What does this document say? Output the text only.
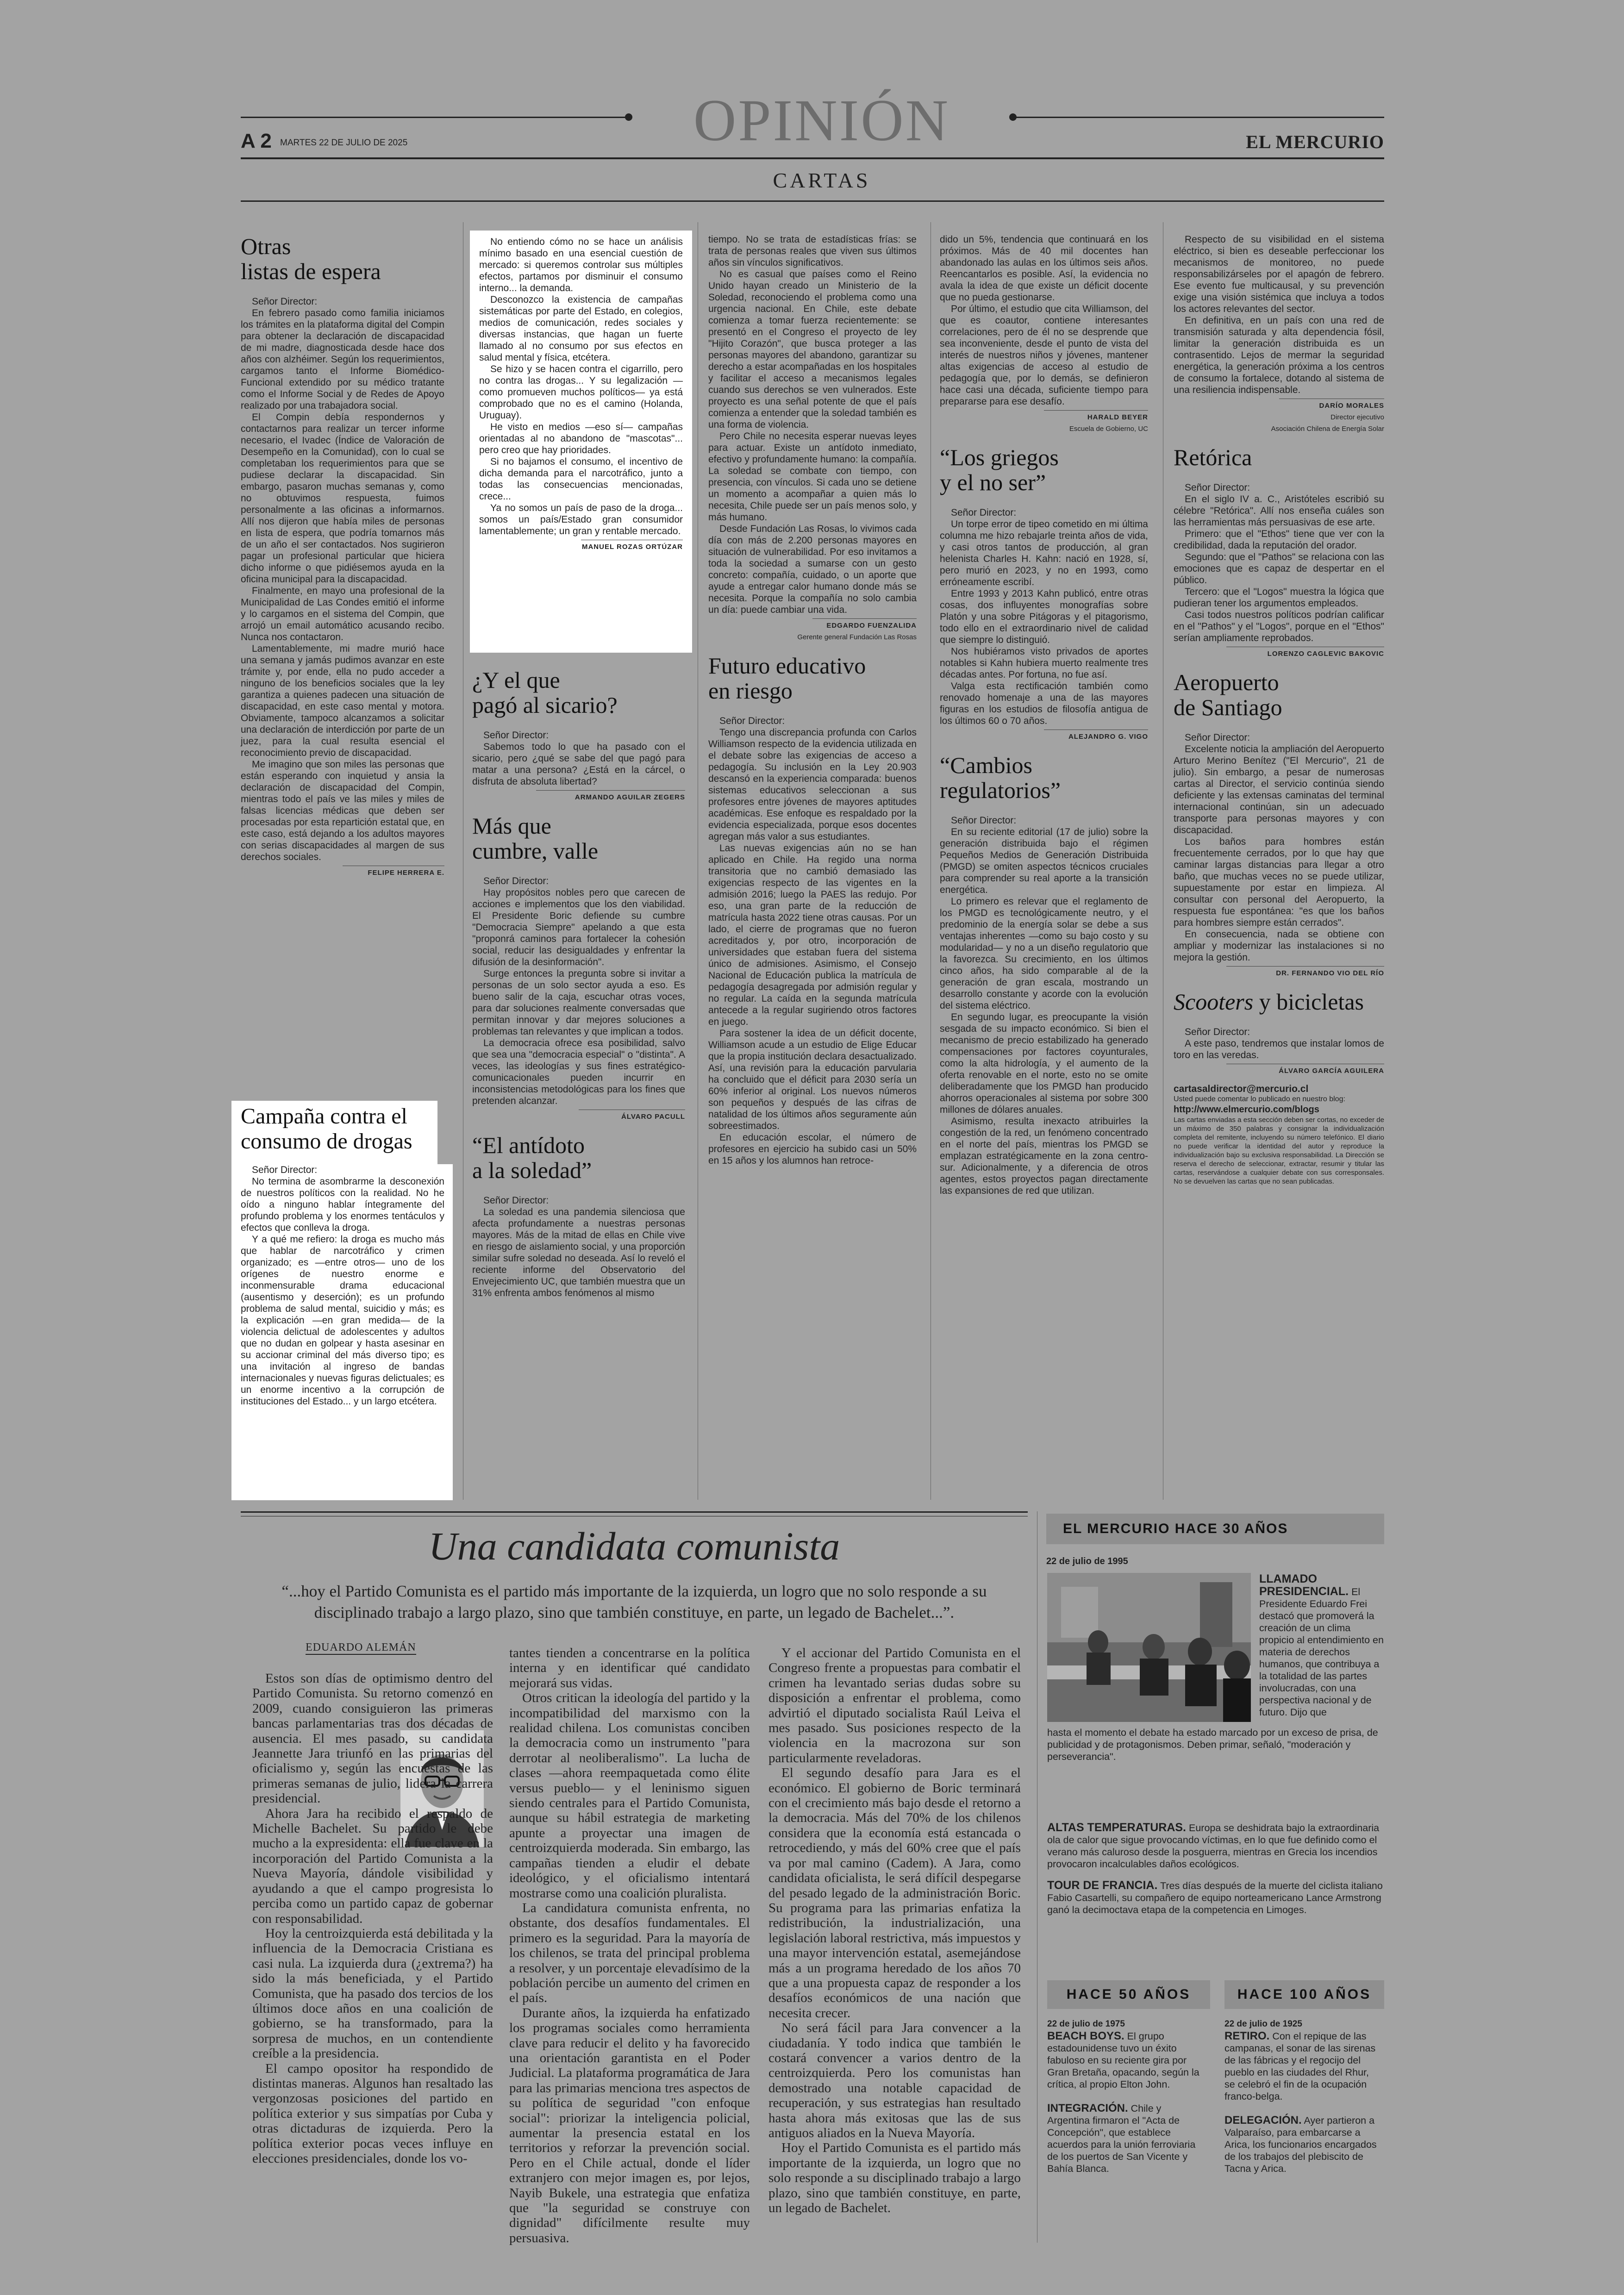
OPINIÓN
A 2 MARTES 22 DE JULIO DE 2025	EL MERCURIO
CARTAS
Otras
listas de espera

Señor Director:

En febrero pasado como familia iniciamos los trámites en la plataforma digital del Compin para obtener la declaración de discapacidad de mi madre, diagnosticada desde hace dos años con alzhéimer. Según los requerimientos, cargamos tanto el Informe Biomédico-Funcional extendido por su médico tratante como el Informe Social y de Redes de Apoyo realizado por una trabajadora social.

El Compin debía respondernos y contactarnos para realizar un tercer informe necesario, el Ivadec (Índice de Valoración de Desempeño en la Comunidad), con lo cual se completaban los requerimientos para que se pudiese declarar la discapacidad. Sin embargo, pasaron muchas semanas y, como no obtuvimos respuesta, fuimos personalmente a las oficinas a informarnos. Allí nos dijeron que había miles de personas en lista de espera, que podría tomarnos más de un año el ser contactados. Nos sugirieron pagar un profesional particular que hiciera dicho informe o que pidiésemos ayuda en la oficina municipal para la discapacidad.

Finalmente, en mayo una profesional de la Municipalidad de Las Condes emitió el informe y lo cargamos en el sistema del Compin, que arrojó un email automático acusando recibo. Nunca nos contactaron.

Lamentablemente, mi madre murió hace una semana y jamás pudimos avanzar en este trámite y, por ende, ella no pudo acceder a ninguno de los beneficios sociales que la ley garantiza a quienes padecen una situación de discapacidad, en este caso mental y motora. Obviamente, tampoco alcanzamos a solicitar una declaración de interdicción por parte de un juez, para la cual resulta esencial el reconocimiento previo de discapacidad.

Me imagino que son miles las personas que están esperando con inquietud y ansia la declaración de discapacidad del Compin, mientras todo el país ve las miles y miles de falsas licencias médicas que deben ser procesadas por esta repartición estatal que, en este caso, está dejando a los adultos mayores con serias discapacidades al margen de sus derechos sociales.

FELIPE HERRERA E.
Campaña contra el
consumo de drogas

Señor Director:

No termina de asombrarme la desconexión de nuestros políticos con la realidad. No he oído a ninguno hablar íntegramente del profundo problema y los enormes tentáculos y efectos que conlleva la droga.

Y a qué me refiero: la droga es mucho más que hablar de narcotráfico y crimen organizado; es —entre otros— uno de los orígenes de nuestro enorme e inconmensurable drama educacional (ausentismo y deserción); es un profundo problema de salud mental, suicidio y más; es la explicación —en gran medida— de la violencia delictual de adolescentes y adultos que no dudan en golpear y hasta asesinar en su accionar criminal del más diverso tipo; es una invitación al ingreso de bandas internacionales y nuevas figuras delictuales; es un enorme incentivo a la corrupción de instituciones del Estado... y un largo etcétera.

No entiendo cómo no se hace un análisis mínimo basado en una esencial cuestión de mercado: si queremos controlar sus múltiples efectos, partamos por disminuir el consumo interno... la demanda.

Desconozco la existencia de campañas sistemáticas por parte del Estado, en colegios, medios de comunicación, redes sociales y diversas instancias, que hagan un fuerte llamado al no consumo por sus efectos en salud mental y física, etcétera.

Se hizo y se hacen contra el cigarrillo, pero no contra las drogas... Y su legalización —como promueven muchos políticos— ya está comprobado que no es el camino (Holanda, Uruguay).

He visto en medios —eso sí— campañas orientadas al no abandono de "mascotas"... pero creo que hay prioridades.

Si no bajamos el consumo, el incentivo de dicha demanda para el narcotráfico, junto a todas las consecuencias mencionadas, crece...

Ya no somos un país de paso de la droga... somos un país/Estado gran consumidor lamentablemente; un gran y rentable mercado.

MANUEL ROZAS ORTÚZAR
¿Y el que
pagó al sicario?

Señor Director:

Sabemos todo lo que ha pasado con el sicario, pero ¿qué se sabe del que pagó para matar a una persona? ¿Está en la cárcel, o disfruta de absoluta libertad?

ARMANDO AGUILAR ZEGERS
Más que
cumbre, valle

Señor Director:

Hay propósitos nobles pero que carecen de acciones e implementos que los den viabilidad. El Presidente Boric defiende su cumbre "Democracia Siempre" apelando a que esta "proponrá caminos para fortalecer la cohesión social, reducir las desigualdades y enfrentar la difusión de la desinformación".

Surge entonces la pregunta sobre si invitar a personas de un solo sector ayuda a eso. Es bueno salir de la caja, escuchar otras voces, para dar soluciones realmente conversadas que permitan innovar y dar mejores soluciones a problemas tan relevantes y que implican a todos.

La democracia ofrece esa posibilidad, salvo que sea una "democracia especial" o "distinta". A veces, las ideologías y sus fines estratégico-comunicacionales pueden incurrir en inconsistencias metodológicas para los fines que pretenden alcanzar.

ÁLVARO PACULL
“El antídoto
a la soledad”

Señor Director:

La soledad es una pandemia silenciosa que afecta profundamente a nuestras personas mayores. Más de la mitad de ellas en Chile vive en riesgo de aislamiento social, y una proporción similar sufre soledad no deseada. Así lo reveló el reciente informe del Observatorio del Envejecimiento UC, que también muestra que un 31% enfrenta ambos fenómenos al mismo

tiempo. No se trata de estadísticas frías: se trata de personas reales que viven sus últimos años sin vínculos significativos.

No es casual que países como el Reino Unido hayan creado un Ministerio de la Soledad, reconociendo el problema como una urgencia nacional. En Chile, este debate comienza a tomar fuerza recientemente: se presentó en el Congreso el proyecto de ley "Hijito Corazón", que busca proteger a las personas mayores del abandono, garantizar su derecho a estar acompañadas en los hospitales y facilitar el acceso a mecanismos legales cuando sus derechos se ven vulnerados. Este proyecto es una señal potente de que el país comienza a entender que la soledad también es una forma de violencia.

Pero Chile no necesita esperar nuevas leyes para actuar. Existe un antídoto inmediato, efectivo y profundamente humano: la compañía. La soledad se combate con tiempo, con presencia, con vínculos. Si cada uno se detiene un momento a acompañar a quien más lo necesita, Chile puede ser un país menos solo, y más humano.

Desde Fundación Las Rosas, lo vivimos cada día con más de 2.200 personas mayores en situación de vulnerabilidad. Por eso invitamos a toda la sociedad a sumarse con un gesto concreto: compañía, cuidado, o un aporte que ayude a entregar calor humano donde más se necesita. Porque la compañía no solo cambia un día: puede cambiar una vida.

EDGARDO FUENZALIDA
Gerente general Fundación Las Rosas
Futuro educativo
en riesgo

Señor Director:

Tengo una discrepancia profunda con Carlos Williamson respecto de la evidencia utilizada en el debate sobre las exigencias de acceso a pedagogía. Su inclusión en la Ley 20.903 descansó en la experiencia comparada: buenos sistemas educativos seleccionan a sus profesores entre jóvenes de mayores aptitudes académicas. Ese enfoque es respaldado por la evidencia especializada, porque esos docentes agregan más valor a sus estudiantes.

Las nuevas exigencias aún no se han aplicado en Chile. Ha regido una norma transitoria que no cambió demasiado las exigencias respecto de las vigentes en la admisión 2016; luego la PAES las redujo. Por eso, una gran parte de la reducción de matrícula hasta 2022 tiene otras causas. Por un lado, el cierre de programas que no fueron acreditados y, por otro, incorporación de universidades que estaban fuera del sistema único de admisiones. Asimismo, el Consejo Nacional de Educación publica la matrícula de pedagogía desagregada por admisión regular y no regular. La caída en la segunda matrícula antecede a la regular sugiriendo otros factores en juego.

Para sostener la idea de un déficit docente, Williamson acude a un estudio de Elige Educar que la propia institución declara desactualizado. Así, una revisión para la educación parvularia ha concluido que el déficit para 2030 sería un 60% inferior al original. Los nuevos números son pequeños y después de las cifras de natalidad de los últimos años seguramente aún sobreestimados.

En educación escolar, el número de profesores en ejercicio ha subido casi un 50% en 15 años y los alumnos han retroce-

dido un 5%, tendencia que continuará en los próximos. Más de 40 mil docentes han abandonado las aulas en los últimos seis años. Reencantarlos es posible. Así, la evidencia no avala la idea de que existe un déficit docente que no pueda gestionarse.

Por último, el estudio que cita Williamson, del que es coautor, contiene interesantes correlaciones, pero de él no se desprende que sea inconveniente, desde el punto de vista del interés de nuestros niños y jóvenes, mantener altas exigencias de acceso al estudio de pedagogía que, por lo demás, se definieron hace casi una década, suficiente tiempo para prepararse para ese desafío.

HARALD BEYER
Escuela de Gobierno, UC
“Los griegos
y el no ser”

Señor Director:

Un torpe error de tipeo cometido en mi última columna me hizo rebajarle treinta años de vida, y casi otros tantos de producción, al gran helenista Charles H. Kahn: nació en 1928, sí, pero murió en 2023, y no en 1993, como erróneamente escribí.

Entre 1993 y 2013 Kahn publicó, entre otras cosas, dos influyentes monografías sobre Platón y una sobre Pitágoras y el pitagorismo, todo ello en el extraordinario nivel de calidad que siempre lo distinguió.

Nos hubiéramos visto privados de aportes notables si Kahn hubiera muerto realmente tres décadas antes. Por fortuna, no fue así.

Valga esta rectificación también como renovado homenaje a una de las mayores figuras en los estudios de filosofía antigua de los últimos 60 o 70 años.

ALEJANDRO G. VIGO
“Cambios
regulatorios”

Señor Director:

En su reciente editorial (17 de julio) sobre la generación distribuida bajo el régimen Pequeños Medios de Generación Distribuida (PMGD) se omiten aspectos técnicos cruciales para comprender su real aporte a la transición energética.

Lo primero es relevar que el reglamento de los PMGD es tecnológicamente neutro, y el predominio de la energía solar se debe a sus ventajas inherentes —como su bajo costo y su modularidad— y no a un diseño regulatorio que la favorezca. Su crecimiento, en los últimos cinco años, ha sido comparable al de la generación de gran escala, mostrando un desarrollo constante y acorde con la evolución del sistema eléctrico.

En segundo lugar, es preocupante la visión sesgada de su impacto económico. Si bien el mecanismo de precio estabilizado ha generado compensaciones por factores coyunturales, como la alta hidrología, y el aumento de la oferta renovable en el norte, esto no se omite deliberadamente que los PMGD han producido ahorros operacionales al sistema por sobre 300 millones de dólares anuales.

Asimismo, resulta inexacto atribuirles la congestión de la red, un fenómeno concentrado en el norte del país, mientras los PMGD se emplazan estratégicamente en la zona centro-sur. Adicionalmente, y a diferencia de otros agentes, estos proyectos pagan directamente las expansiones de red que utilizan.

Respecto de su visibilidad en el sistema eléctrico, si bien es deseable perfeccionar los mecanismos de monitoreo, no puede responsabilizárseles por el apagón de febrero. Ese evento fue multicausal, y su prevención exige una visión sistémica que incluya a todos los actores relevantes del sector.

En definitiva, en un país con una red de transmisión saturada y alta dependencia fósil, limitar la generación distribuida es un contrasentido. Lejos de mermar la seguridad energética, la generación próxima a los centros de consumo la fortalece, dotando al sistema de una resiliencia indispensable.

DARÍO MORALES
Director ejecutivo
Asociación Chilena de Energía Solar
Retórica

Señor Director:

En el siglo IV a. C., Aristóteles escribió su célebre "Retórica". Allí nos enseña cuáles son las herramientas más persuasivas de ese arte.

Primero: que el "Ethos" tiene que ver con la credibilidad, dada la reputación del orador.

Segundo: que el "Pathos" se relaciona con las emociones que es capaz de despertar en el público.

Tercero: que el "Logos" muestra la lógica que pudieran tener los argumentos empleados.

Casi todos nuestros políticos podrían calificar en el "Pathos" y el "Logos", porque en el "Ethos" serían ampliamente reprobados.

LORENZO CAGLEVIC BAKOVIC
Aeropuerto
de Santiago

Señor Director:

Excelente noticia la ampliación del Aeropuerto Arturo Merino Benítez ("El Mercurio", 21 de julio). Sin embargo, a pesar de numerosas cartas al Director, el servicio continúa siendo deficiente y las extensas caminatas del terminal internacional continúan, sin un adecuado transporte para personas mayores y con discapacidad.

Los baños para hombres están frecuentemente cerrados, por lo que hay que caminar largas distancias para llegar a otro baño, que muchas veces no se puede utilizar, supuestamente por estar en limpieza. Al consultar con personal del Aeropuerto, la respuesta fue espontánea: "es que los baños para hombres siempre están cerrados".

En consecuencia, nada se obtiene con ampliar y modernizar las instalaciones si no mejora la gestión.

DR. FERNANDO VIO DEL RÍO
Scooters y bicicletas

Señor Director:

A este paso, tendremos que instalar lomos de toro en las veredas.

ÁLVARO GARCÍA AGUILERA
cartasaldirector@mercurio.cl
Usted puede comentar lo publicado en nuestro blog:
http://www.elmercurio.com/blogs
Las cartas enviadas a esta sección deben ser cortas, no exceder de un máximo de 350 palabras y consignar la individualización completa del remitente, incluyendo su número telefónico. El diario no puede verificar la identidad del autor y reproduce la individualización bajo su exclusiva responsabilidad. La Dirección se reserva el derecho de seleccionar, extractar, resumir y titular las cartas, reservándose a cualquier debate con sus corresponsales. No se devuelven las cartas que no sean publicadas.
Una candidata comunista
“...hoy el Partido Comunista es el partido más importante de la izquierda, un logro que no solo responde a su disciplinado trabajo a largo plazo, sino que también constituye, en parte, un legado de Bachelet...”.
EDUARDO ALEMÁN

Estos son días de optimismo dentro del Partido Comunista. Su retorno comenzó en 2009, cuando consiguieron las primeras bancas parlamentarias tras dos décadas de ausencia. El mes pasado, su candidata Jeannette Jara triunfó en las primarias del oficialismo y, según las encuestas de las primeras semanas de julio, lidera la carrera presidencial.

Ahora Jara ha recibido el respaldo de Michelle Bachelet. Su partido le debe mucho a la expresidenta: ella fue clave en la incorporación del Partido Comunista a la Nueva Mayoría, dándole visibilidad y ayudando a que el campo progresista lo perciba como un partido capaz de gobernar con responsabilidad.

Hoy la centroizquierda está debilitada y la influencia de la Democracia Cristiana es casi nula. La izquierda dura (¿extrema?) ha sido la más beneficiada, y el Partido Comunista, que ha pasado dos tercios de los últimos doce años en una coalición de gobierno, se ha transformado, para la sorpresa de muchos, en un contendiente creíble a la presidencia.

El campo opositor ha respondido de distintas maneras. Algunos han resaltado las vergonzosas posiciones del partido en política exterior y sus simpatías por Cuba y otras dictaduras de izquierda. Pero la política exterior pocas veces influye en elecciones presidenciales, donde los vo-

tantes tienden a concentrarse en la política interna y en identificar qué candidato mejorará sus vidas.

Otros critican la ideología del partido y la incompatibilidad del marxismo con la realidad chilena. Los comunistas conciben la democracia como un instrumento "para derrotar al neoliberalismo". La lucha de clases —ahora reempaquetada como élite versus pueblo— y el leninismo siguen siendo centrales para el Partido Comunista, aunque su hábil estrategia de marketing apunte a proyectar una imagen de centroizquierda moderada. Sin embargo, las campañas tienden a eludir el debate ideológico, y el oficialismo intentará mostrarse como una coalición pluralista.

La candidatura comunista enfrenta, no obstante, dos desafíos fundamentales. El primero es la seguridad. Para la mayoría de los chilenos, se trata del principal problema a resolver, y un porcentaje elevadísimo de la población percibe un aumento del crimen en el país.

Durante años, la izquierda ha enfatizado los programas sociales como herramienta clave para reducir el delito y ha favorecido una orientación garantista en el Poder Judicial. La plataforma programática de Jara para las primarias menciona tres aspectos de su política de seguridad "con enfoque social": priorizar la inteligencia policial, aumentar la presencia estatal en los territorios y reforzar la prevención social. Pero en el Chile actual, donde el líder extranjero con mejor imagen es, por lejos, Nayib Bukele, una estrategia que enfatiza que "la seguridad se construye con dignidad" difícilmente resulte muy persuasiva.

Y el accionar del Partido Comunista en el Congreso frente a propuestas para combatir el crimen ha levantado serias dudas sobre su disposición a enfrentar el problema, como advirtió el diputado socialista Raúl Leiva el mes pasado. Sus posiciones respecto de la violencia en la macrozona sur son particularmente reveladoras.

El segundo desafío para Jara es el económico. El gobierno de Boric terminará con el crecimiento más bajo desde el retorno a la democracia. Más del 70% de los chilenos considera que la economía está estancada o retrocediendo, y más del 60% cree que el país va por mal camino (Cadem). A Jara, como candidata oficialista, le será difícil despegarse del pesado legado de la administración Boric. Su programa para las primarias enfatiza la redistribución, la industrialización, una legislación laboral restrictiva, más impuestos y una mayor intervención estatal, asemejándose más a un programa heredado de los años 70 que a una propuesta capaz de responder a los desafíos económicos de una nación que necesita crecer.

No será fácil para Jara convencer a la ciudadanía. Y todo indica que también le costará convencer a varios dentro de la centroizquierda. Pero los comunistas han demostrado una notable capacidad de recuperación, y sus estrategias han resultado hasta ahora más exitosas que las de sus antiguos aliados en la Nueva Mayoría.

Hoy el Partido Comunista es el partido más importante de la izquierda, un logro que no solo responde a su disciplinado trabajo a largo plazo, sino que también constituye, en parte, un legado de Bachelet.

EL MERCURIO HACE 30 AÑOS
22 de julio de 1995
LLAMADO PRESIDENCIAL. El Presidente Eduardo Frei destacó que promoverá la creación de un clima propicio al entendimiento en materia de derechos humanos, que contribuya a la totalidad de las partes involucradas, con una perspectiva nacional y de futuro. Dijo que
hasta el momento el debate ha estado marcado por un exceso de prisa, de publicidad y de protagonismos. Deben primar, señaló, "moderación y perseverancia".
ALTAS TEMPERATURAS. Europa se deshidrata bajo la extraordinaria ola de calor que sigue provocando víctimas, en lo que fue definido como el verano más caluroso desde la posguerra, mientras en Grecia los incendios provocaron incalculables daños ecológicos.
TOUR DE FRANCIA. Tres días después de la muerte del ciclista italiano Fabio Casartelli, su compañero de equipo norteamericano Lance Armstrong ganó la decimoctava etapa de la competencia en Limoges.
HACE 50 AÑOS	HACE 100 AÑOS
22 de julio de 1975
BEACH BOYS. El grupo estadounidense tuvo un éxito fabuloso en su reciente gira por Gran Bretaña, opacando, según la crítica, al propio Elton John.
INTEGRACIÓN. Chile y Argentina firmaron el "Acta de Concepción", que establece acuerdos para la unión ferroviaria de los puertos de San Vicente y Bahía Blanca.
22 de julio de 1925
RETIRO. Con el repique de las campanas, el sonar de las sirenas de las fábricas y el regocijo del pueblo en las ciudades del Rhur, se celebró el fin de la ocupación franco-belga.
DELEGACIÓN. Ayer partieron a Valparaíso, para embarcarse a Arica, los funcionarios encargados de los trabajos del plebiscito de Tacna y Arica.
